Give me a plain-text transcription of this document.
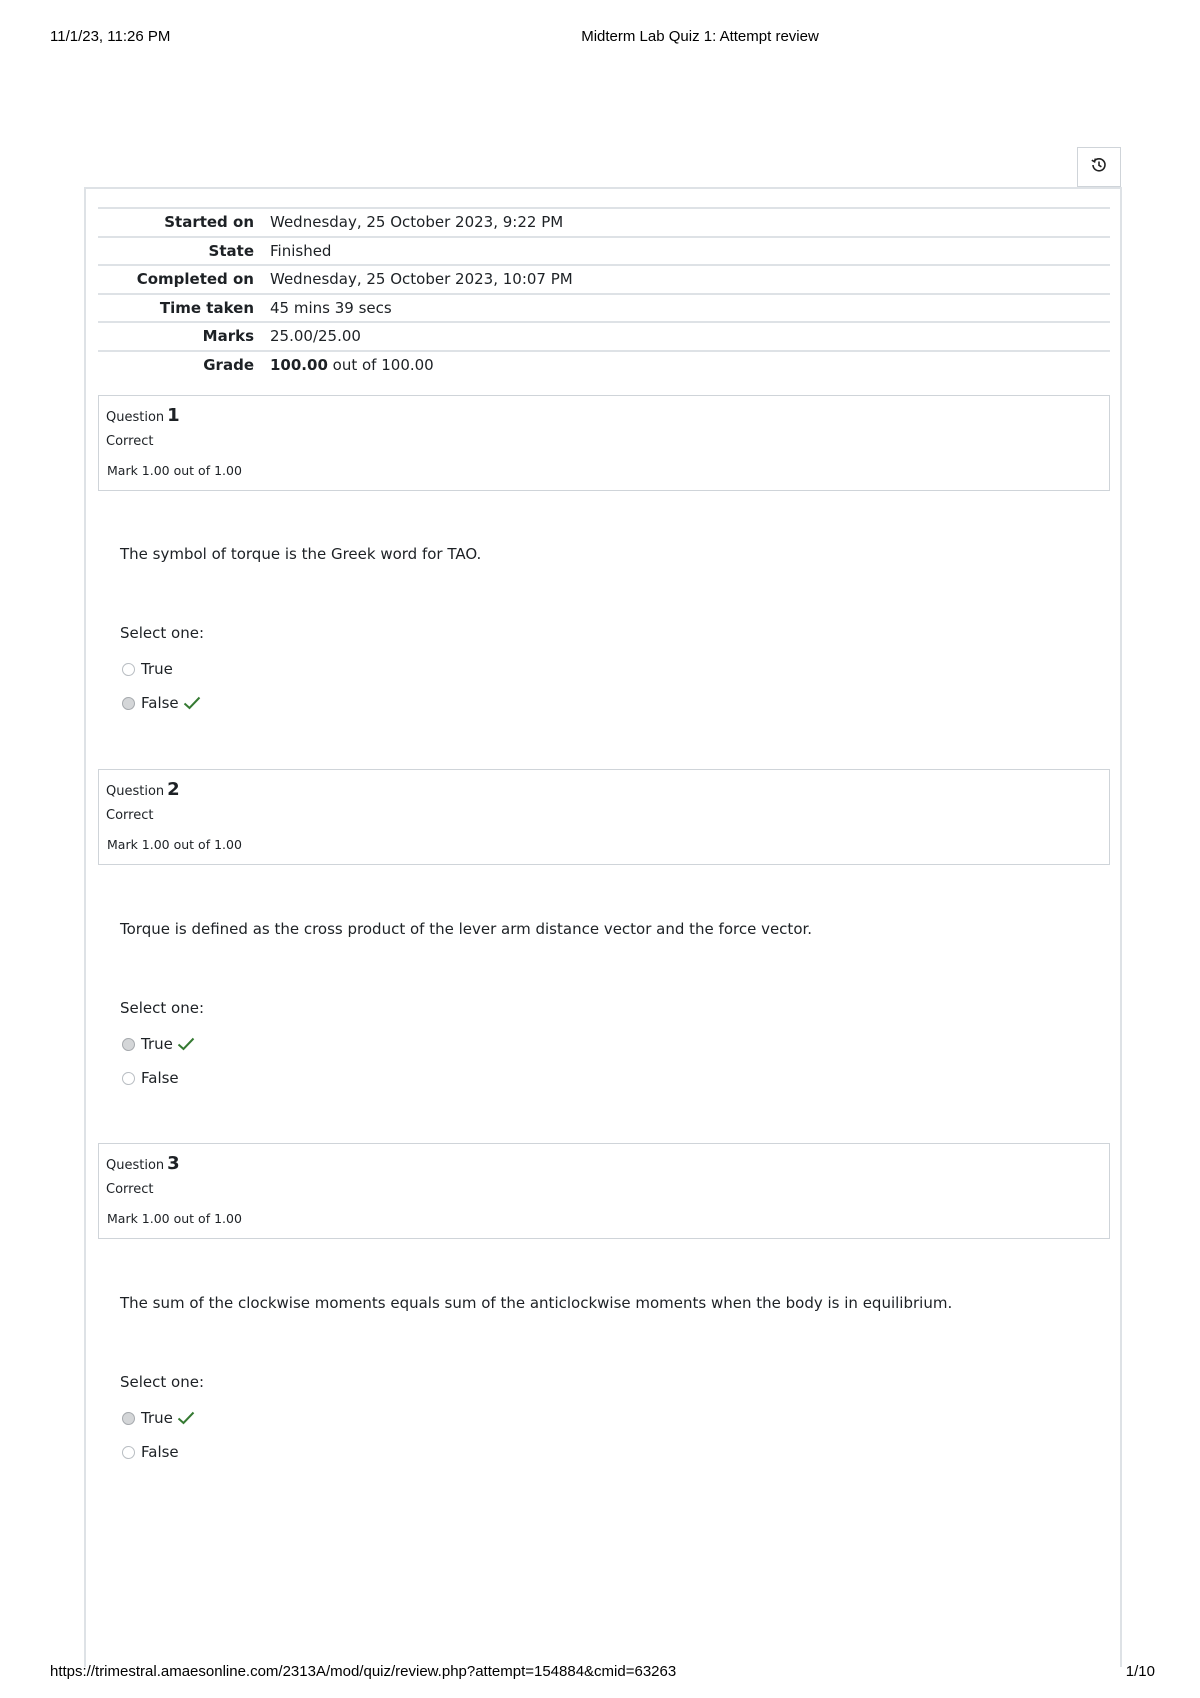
11/1/23, 11:26 PM	Midterm Lab Quiz 1: Attempt review
Started on	Wednesday, 25 October 2023, 9:22 PM
State	Finished
Completed on	Wednesday, 25 October 2023, 10:07 PM
Time taken	45 mins 39 secs
Marks	25.00/25.00
Grade	100.00 out of 100.00
Question 1
Correct
Mark 1.00 out of 1.00
The symbol of torque is the Greek word for TAO.
Select one:
True
False
Question 2
Correct
Mark 1.00 out of 1.00
Torque is defined as the cross product of the lever arm distance vector and the force vector.
Select one:
True
False
Question 3
Correct
Mark 1.00 out of 1.00
The sum of the clockwise moments equals sum of the anticlockwise moments when the body is in equilibrium.
Select one:
True
False
https://trimestral.amaesonline.com/2313A/mod/quiz/review.php?attempt=154884&cmid=63263	1/10
